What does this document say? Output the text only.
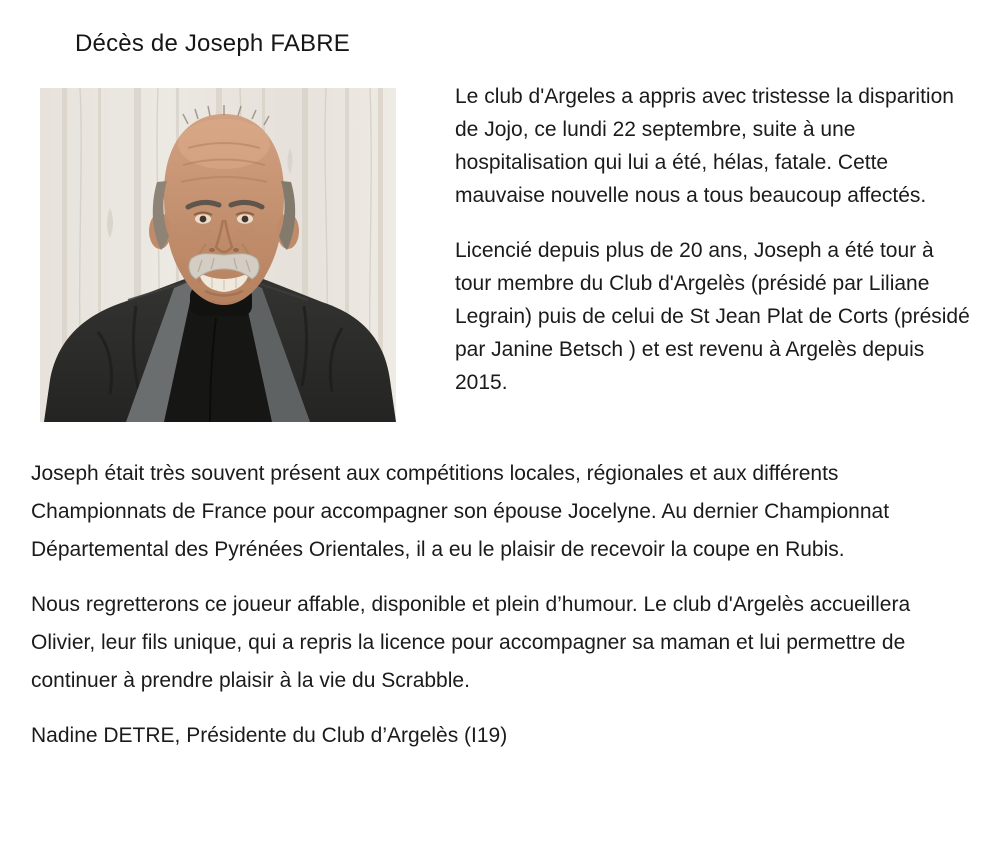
Décès de Joseph FABRE

Le club d'Argeles a appris avec tristesse la disparition de Jojo, ce lundi 22 septembre, suite à une hospitalisation qui lui a été, hélas, fatale. Cette mauvaise nouvelle nous a tous beaucoup affectés.

Licencié depuis plus de 20 ans, Joseph a été tour à tour membre du Club d'Argelès (présidé par Liliane Legrain) puis de celui de St Jean Plat de Corts (présidé par Janine Betsch ) et est revenu à Argelès depuis 2015.

Joseph était très souvent présent aux compétitions locales, régionales et aux différents Championnats de France pour accompagner son épouse Jocelyne. Au dernier Championnat Départemental des Pyrénées Orientales, il a eu le plaisir de recevoir la coupe en Rubis.

Nous regretterons ce joueur affable, disponible et plein d’humour. Le club d'Argelès accueillera Olivier, leur fils unique, qui a repris la licence pour accompagner sa maman et lui permettre de continuer à prendre plaisir à la vie du Scrabble.

Nadine DETRE, Présidente du Club d’Argelès (I19)
